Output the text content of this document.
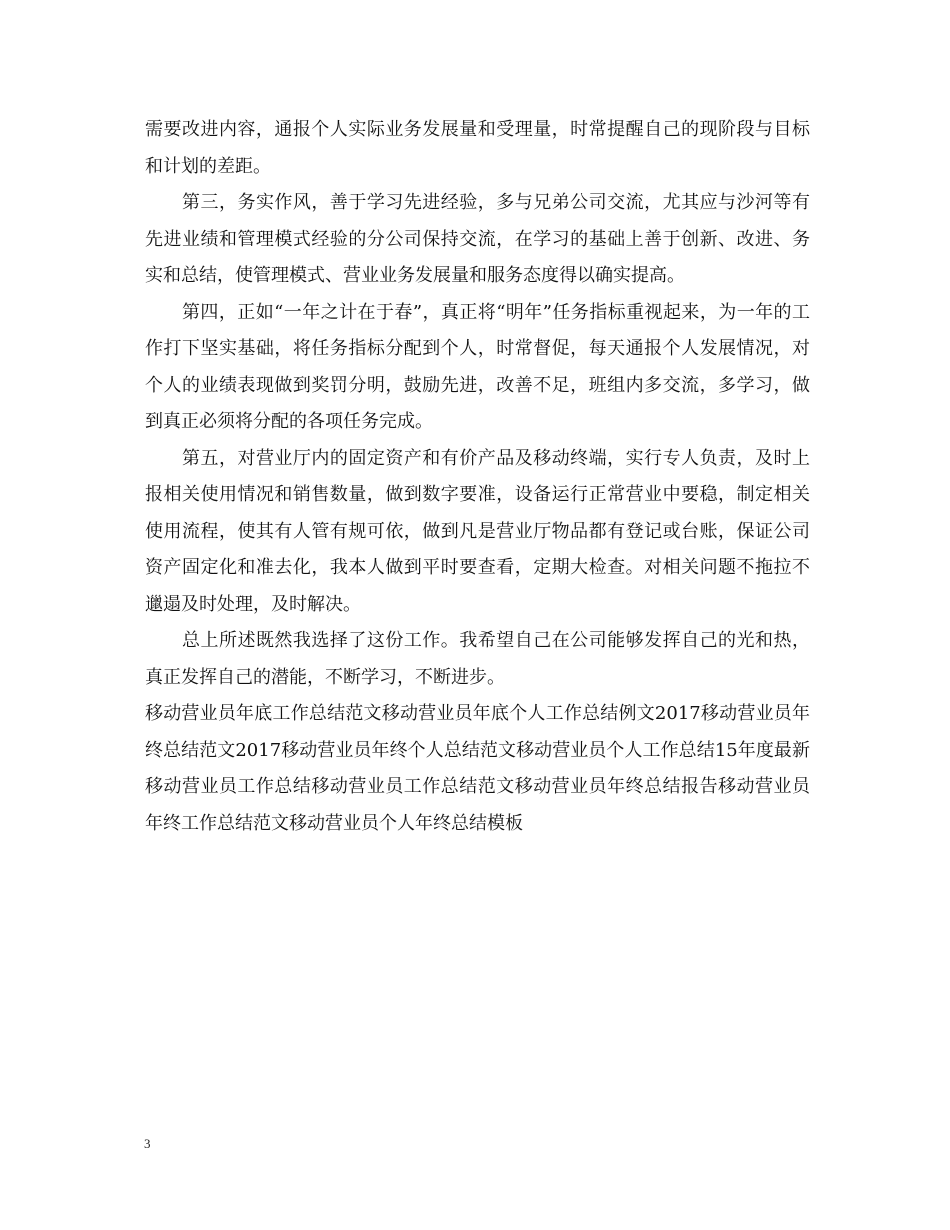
需要改进内容，通报个人实际业务发展量和受理量，时常提醒自己的现阶段与目标和计划的差距。

第三，务实作风，善于学习先进经验，多与兄弟公司交流，尤其应与沙河等有先进业绩和管理模式经验的分公司保持交流，在学习的基础上善于创新、改进、务实和总结，使管理模式、营业业务发展量和服务态度得以确实提高。

第四，正如“一年之计在于春”，真正将“明年”任务指标重视起来，为一年的工作打下坚实基础，将任务指标分配到个人，时常督促，每天通报个人发展情况，对个人的业绩表现做到奖罚分明，鼓励先进，改善不足，班组内多交流，多学习，做到真正必须将分配的各项任务完成。

第五，对营业厅内的固定资产和有价产品及移动终端，实行专人负责，及时上报相关使用情况和销售数量，做到数字要准，设备运行正常营业中要稳，制定相关使用流程，使其有人管有规可依，做到凡是营业厅物品都有登记或台账，保证公司资产固定化和准去化，我本人做到平时要查看，定期大检查。对相关问题不拖拉不邋遢及时处理，及时解决。

总上所述既然我选择了这份工作。我希望自己在公司能够发挥自己的光和热，真正发挥自己的潜能，不断学习，不断进步。

移动营业员年底工作总结范文移动营业员年底个人工作总结例文2017移动营业员年终总结范文2017移动营业员年终个人总结范文移动营业员个人工作总结15年度最新移动营业员工作总结移动营业员工作总结范文移动营业员年终总结报告移动营业员年终工作总结范文移动营业员个人年终总结模板

3
